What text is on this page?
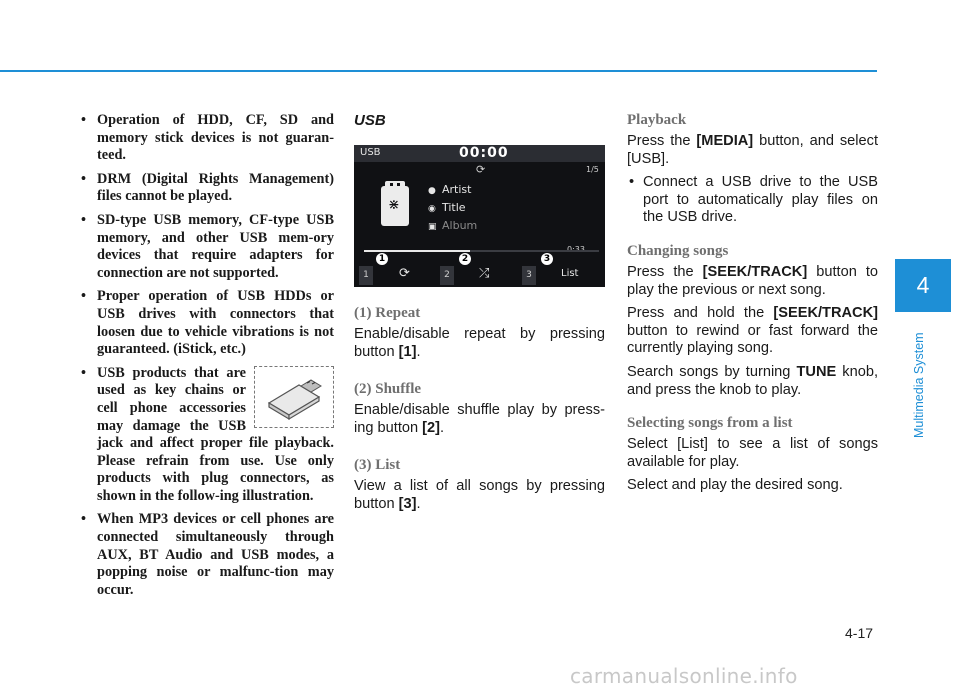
• Operation of HDD, CF, SD and memory stick devices is not guaran-teed.
• DRM (Digital Rights Management) files cannot be played.
• SD-type USB memory, CF-type USB memory, and other USB mem-ory devices that require adapters for connection are not supported.
• Proper operation of USB HDDs or USB drives with connectors that loosen due to vehicle vibrations is not guaranteed. (iStick, etc.)
• USB products that are used as key chains or cell phone accessories may damage the USB jack and affect proper file playback. Please refrain from use. Use only products with plug connectors, as shown in the follow-ing illustration.
• When MP3 devices or cell phones are connected simultaneously through AUX, BT Audio and USB modes, a popping noise or malfunc-tion may occur.
USB
USB	00:00
⟳	1/5
⋇
● Artist
◉ Title
▣ Album
1	⟳	2	⤮	3	List
1	2	3
(1) Repeat
Enable/disable repeat by pressing button [1].
(2) Shuffle
Enable/disable shuffle play by press-ing button [2].
(3) List
View a list of all songs by pressing button [3].
Playback
Press the [MEDIA] button, and select [USB].
• Connect a USB drive to the USB port to automatically play files on the USB drive.
Changing songs
Press the [SEEK/TRACK] button to play the previous or next song.
Press and hold the [SEEK/TRACK] button to rewind or fast forward the currently playing song.
Search songs by turning TUNE knob, and press the knob to play.
Selecting songs from a list
Select [List] to see a list of songs available for play.
Select and play the desired song.
4
Multimedia System
4-17
carmanualsonline.info
